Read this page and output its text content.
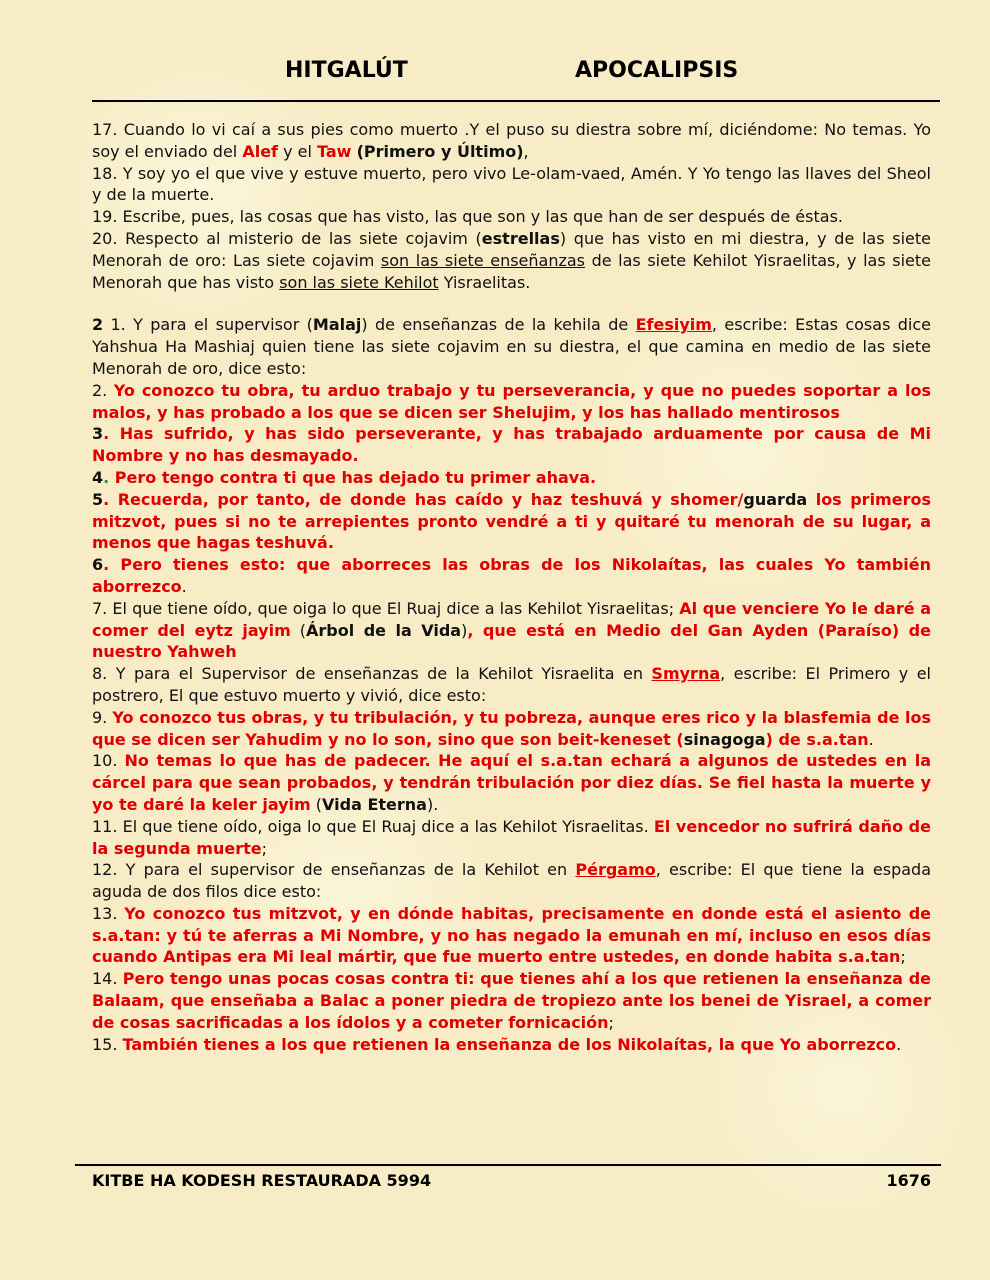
HITGALÚT	APOCALIPSIS

17. Cuando lo vi caí a sus pies como muerto .Y el puso su diestra sobre mí, diciéndome: No temas. Yo soy el enviado del Alef y el Taw (Primero y Último),

18. Y soy yo el que vive y estuve muerto, pero vivo Le-olam-vaed, Amén. Y Yo tengo las llaves del Sheol y de la muerte.

19. Escribe, pues, las cosas que has visto, las que son y las que han de ser después de éstas.

20. Respecto al misterio de las siete cojavim (estrellas) que has visto en mi diestra, y de las siete Menorah de oro: Las siete cojavim son las siete enseñanzas de las siete Kehilot Yisraelitas, y las siete Menorah que has visto son las siete Kehilot Yisraelitas.

2 1. Y para el supervisor (Malaj) de enseñanzas de la kehila de Efesiyim, escribe: Estas cosas dice Yahshua Ha Mashiaj quien tiene las siete cojavim en su diestra, el que camina en medio de las siete Menorah de oro, dice esto:

2. Yo conozco tu obra, tu arduo trabajo y tu perseverancia, y que no puedes soportar a los malos, y has probado a los que se dicen ser Shelujim, y los has hallado mentirosos

3. Has sufrido, y has sido perseverante, y has trabajado arduamente por causa de Mi Nombre y no has desmayado.

4. Pero tengo contra ti que has dejado tu primer ahava.

5. Recuerda, por tanto, de donde has caído y haz teshuvá y shomer/guarda los primeros mitzvot, pues si no te arrepientes pronto vendré a ti y quitaré tu menorah de su lugar, a menos que hagas teshuvá.

6. Pero tienes esto: que aborreces las obras de los Nikolaítas, las cuales Yo también aborrezco.

7. El que tiene oído, que oiga lo que El Ruaj dice a las Kehilot Yisraelitas; Al que venciere Yo le daré a comer del eytz jayim (Árbol de la Vida), que está en Medio del Gan Ayden (Paraíso) de nuestro Yahweh

8. Y para el Supervisor de enseñanzas de la Kehilot Yisraelita en Smyrna, escribe: El Primero y el postrero, El que estuvo muerto y vivió, dice esto:

9. Yo conozco tus obras, y tu tribulación, y tu pobreza, aunque eres rico y la blasfemia de los que se dicen ser Yahudim y no lo son, sino que son beit-keneset (sinagoga) de s.a.tan.

10. No temas lo que has de padecer. He aquí el s.a.tan echará a algunos de ustedes en la cárcel para que sean probados, y tendrán tribulación por diez días. Se fiel hasta la muerte y yo te daré la keler jayim (Vida Eterna).

11. El que tiene oído, oiga lo que El Ruaj dice a las Kehilot Yisraelitas. El vencedor no sufrirá daño de la segunda muerte;

12. Y para el supervisor de enseñanzas de la Kehilot en Pérgamo, escribe: El que tiene la espada aguda de dos filos dice esto:

13. Yo conozco tus mitzvot, y en dónde habitas, precisamente en donde está el asiento de s.a.tan: y tú te aferras a Mi Nombre, y no has negado la emunah en mí, incluso en esos días cuando Antipas era Mi leal mártir, que fue muerto entre ustedes, en donde habita s.a.tan;

14. Pero tengo unas pocas cosas contra ti: que tienes ahí a los que retienen la enseñanza de Balaam, que enseñaba a Balac a poner piedra de tropiezo ante los benei de Yisrael, a comer de cosas sacrificadas a los ídolos y a cometer fornicación;

15. También tienes a los que retienen la enseñanza de los Nikolaítas, la que Yo aborrezco.

KITBE HA KODESH RESTAURADA 5994	1676
